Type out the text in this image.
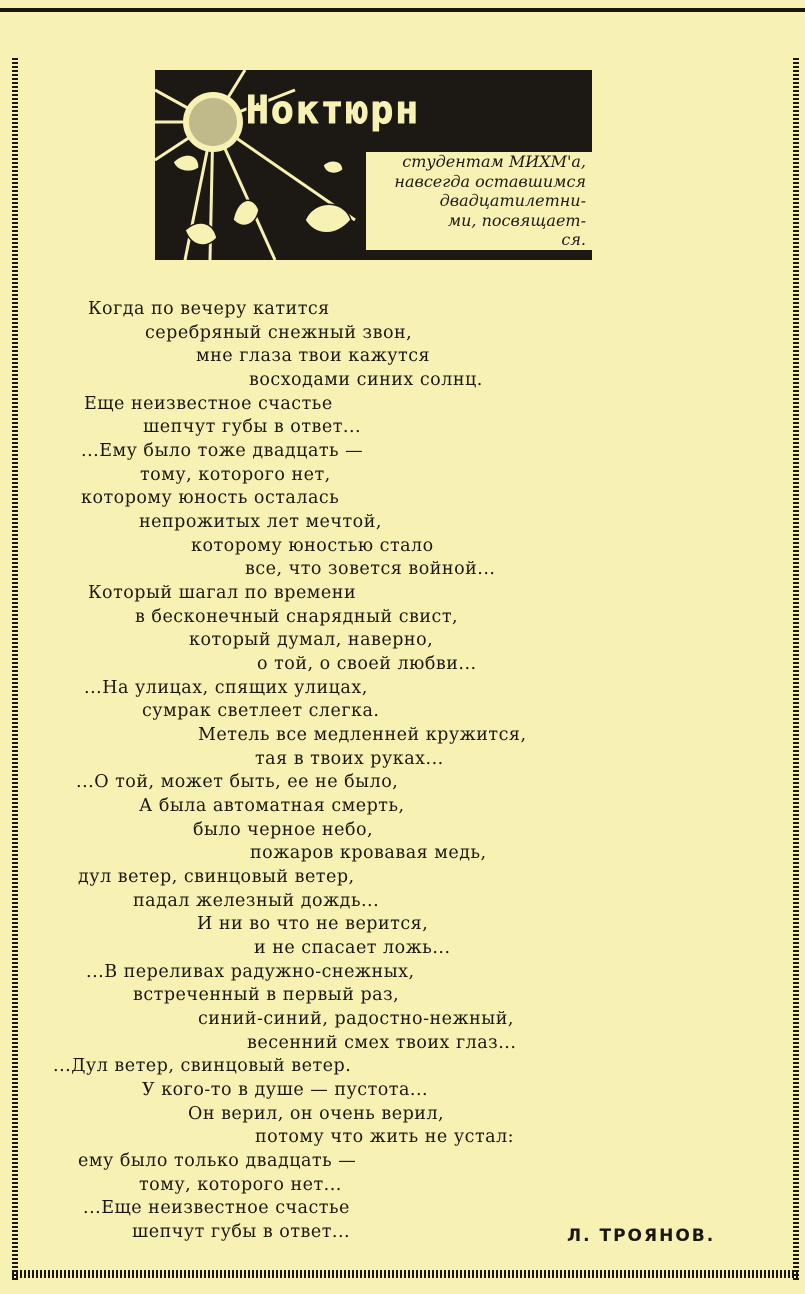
Ноктюрн
студентам МИХМ'а,
навсегда оставшимся
двадцатилетни-
ми, посвящает-
ся.
Когда по вечеру катится
серебряный снежный звон,
мне глаза твои кажутся
восходами синих солнц.
Еще неизвестное счастье
шепчут губы в ответ...
...Ему было тоже двадцать —
тому, которого нет,
которому юность осталась
непрожитых лет мечтой,
которому юностью стало
все, что зовется войной...
Который шагал по времени
в бесконечный снарядный свист,
который думал, наверно,
о той, о своей любви...
...На улицах, спящих улицах,
сумрак светлеет слегка.
Метель все медленней кружится,
тая в твоих руках...
...О той, может быть, ее не было,
А была автоматная смерть,
было черное небо,
пожаров кровавая медь,
дул ветер, свинцовый ветер,
падал железный дождь...
И ни во что не верится,
и не спасает ложь...
...В переливах радужно-снежных,
встреченный в первый раз,
синий-синий, радостно-нежный,
весенний смех твоих глаз...
...Дул ветер, свинцовый ветер.
У кого-то в душе — пустота...
Он верил, он очень верил,
потому что жить не устал:
ему было только двадцать —
тому, которого нет...
...Еще неизвестное счастье
шепчут губы в ответ...	Л. ТРОЯНОВ.
